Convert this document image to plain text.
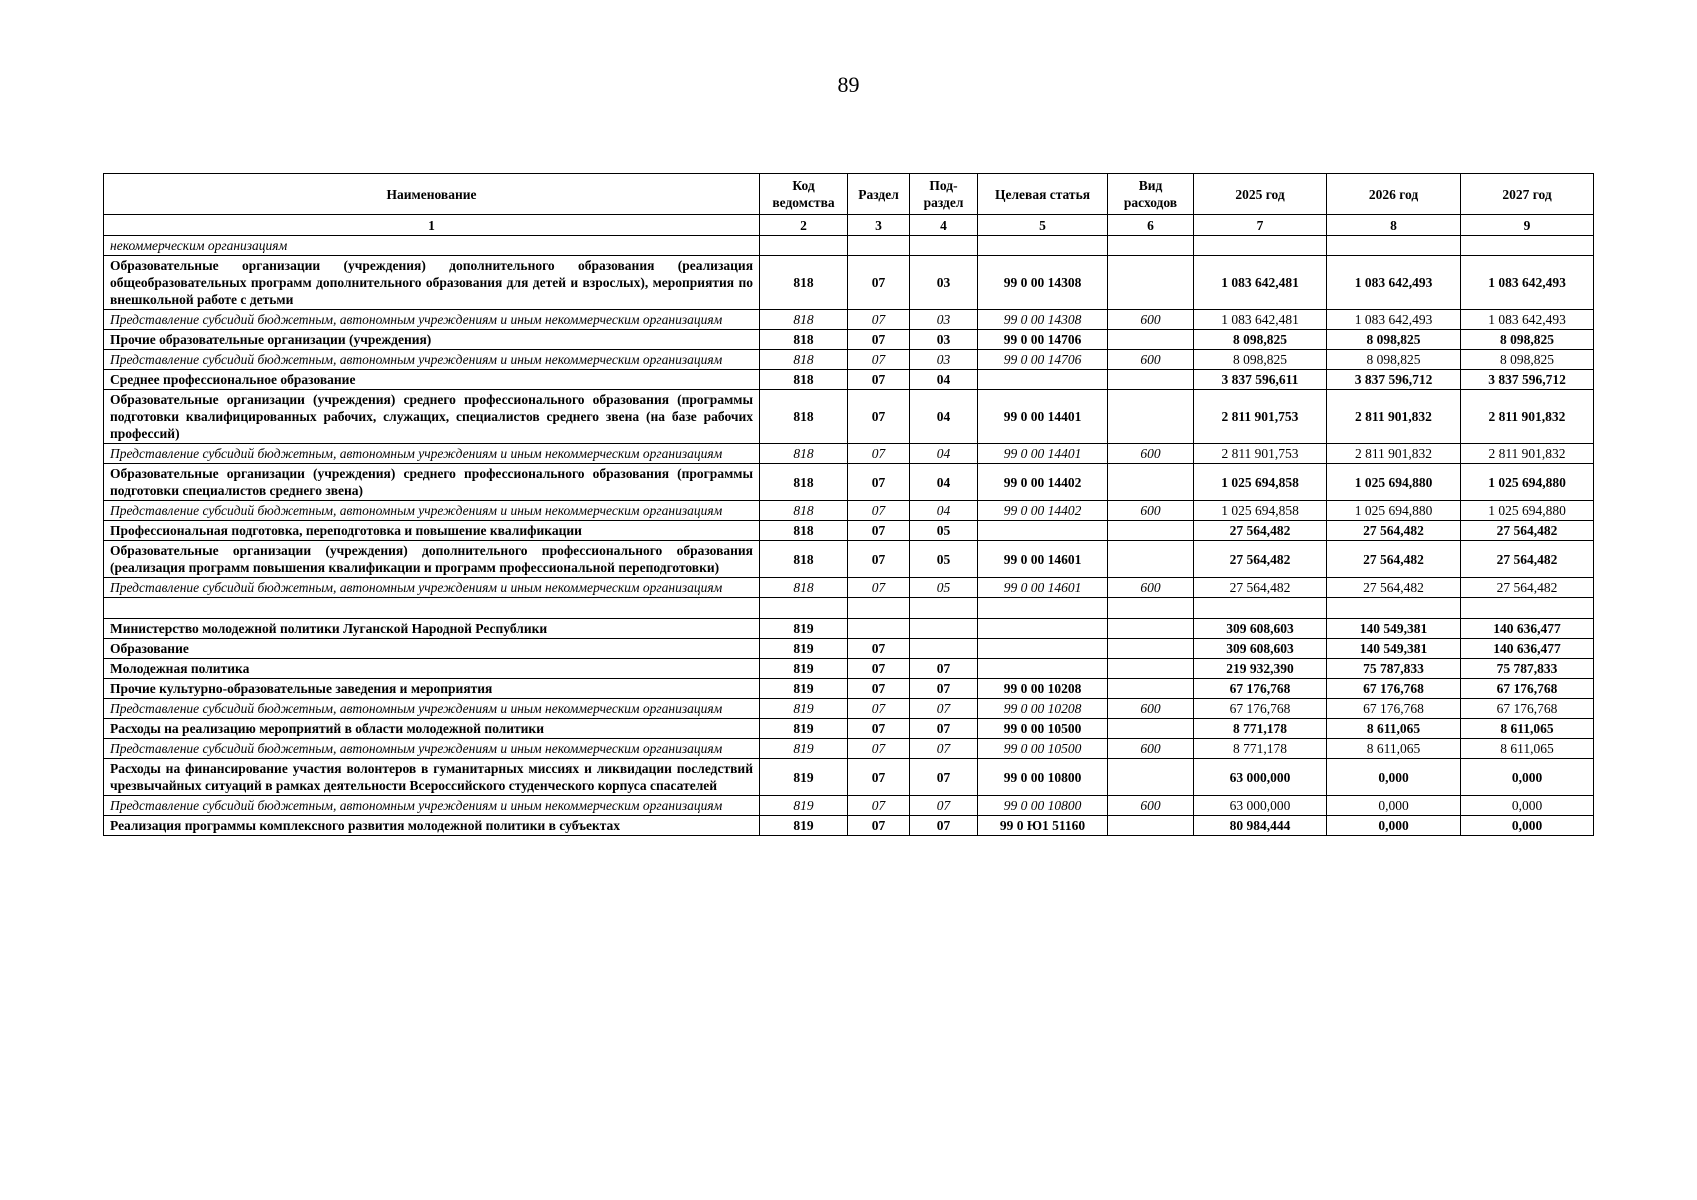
89
Наименование	Код ведомства	Раздел	Под-раздел	Целевая статья	Вид расходов	2025 год	2026 год	2027 год
1	2	3	4	5	6	7	8	9
некоммерческим организациям								
Образовательные организации (учреждения) дополнительного образования (реализация общеобразовательных программ дополнительного образования для детей и взрослых), мероприятия по внешкольной работе с детьми	818	07	03	99 0 00 14308		1 083 642,481	1 083 642,493	1 083 642,493
Представление субсидий бюджетным, автономным учреждениям и иным некоммерческим организациям	818	07	03	99 0 00 14308	600	1 083 642,481	1 083 642,493	1 083 642,493
Прочие образовательные организации (учреждения)	818	07	03	99 0 00 14706		8 098,825	8 098,825	8 098,825
Представление субсидий бюджетным, автономным учреждениям и иным некоммерческим организациям	818	07	03	99 0 00 14706	600	8 098,825	8 098,825	8 098,825
Среднее профессиональное образование	818	07	04			3 837 596,611	3 837 596,712	3 837 596,712
Образовательные организации (учреждения) среднего профессионального образования (программы подготовки квалифицированных рабочих, служащих, специалистов среднего звена (на базе рабочих профессий)	818	07	04	99 0 00 14401		2 811 901,753	2 811 901,832	2 811 901,832
Представление субсидий бюджетным, автономным учреждениям и иным некоммерческим организациям	818	07	04	99 0 00 14401	600	2 811 901,753	2 811 901,832	2 811 901,832
Образовательные организации (учреждения) среднего профессионального образования (программы подготовки специалистов среднего звена)	818	07	04	99 0 00 14402		1 025 694,858	1 025 694,880	1 025 694,880
Представление субсидий бюджетным, автономным учреждениям и иным некоммерческим организациям	818	07	04	99 0 00 14402	600	1 025 694,858	1 025 694,880	1 025 694,880
Профессиональная подготовка, переподготовка и повышение квалификации	818	07	05			27 564,482	27 564,482	27 564,482
Образовательные организации (учреждения) дополнительного профессионального образования (реализация программ повышения квалификации и программ профессиональной переподготовки)	818	07	05	99 0 00 14601		27 564,482	27 564,482	27 564,482
Представление субсидий бюджетным, автономным учреждениям и иным некоммерческим организациям	818	07	05	99 0 00 14601	600	27 564,482	27 564,482	27 564,482

Министерство молодежной политики Луганской Народной Республики	819					309 608,603	140 549,381	140 636,477
Образование	819	07				309 608,603	140 549,381	140 636,477
Молодежная политика	819	07	07			219 932,390	75 787,833	75 787,833
Прочие культурно-образовательные заведения и мероприятия	819	07	07	99 0 00 10208		67 176,768	67 176,768	67 176,768
Представление субсидий бюджетным, автономным учреждениям и иным некоммерческим организациям	819	07	07	99 0 00 10208	600	67 176,768	67 176,768	67 176,768
Расходы на реализацию мероприятий в области молодежной политики	819	07	07	99 0 00 10500		8 771,178	8 611,065	8 611,065
Представление субсидий бюджетным, автономным учреждениям и иным некоммерческим организациям	819	07	07	99 0 00 10500	600	8 771,178	8 611,065	8 611,065
Расходы на финансирование участия волонтеров в гуманитарных миссиях и ликвидации последствий чрезвычайных ситуаций в рамках деятельности Всероссийского студенческого корпуса спасателей	819	07	07	99 0 00 10800		63 000,000	0,000	0,000
Представление субсидий бюджетным, автономным учреждениям и иным некоммерческим организациям	819	07	07	99 0 00 10800	600	63 000,000	0,000	0,000
Реализация программы комплексного развития молодежной политики в субъектах	819	07	07	99 0 Ю1 51160		80 984,444	0,000	0,000
